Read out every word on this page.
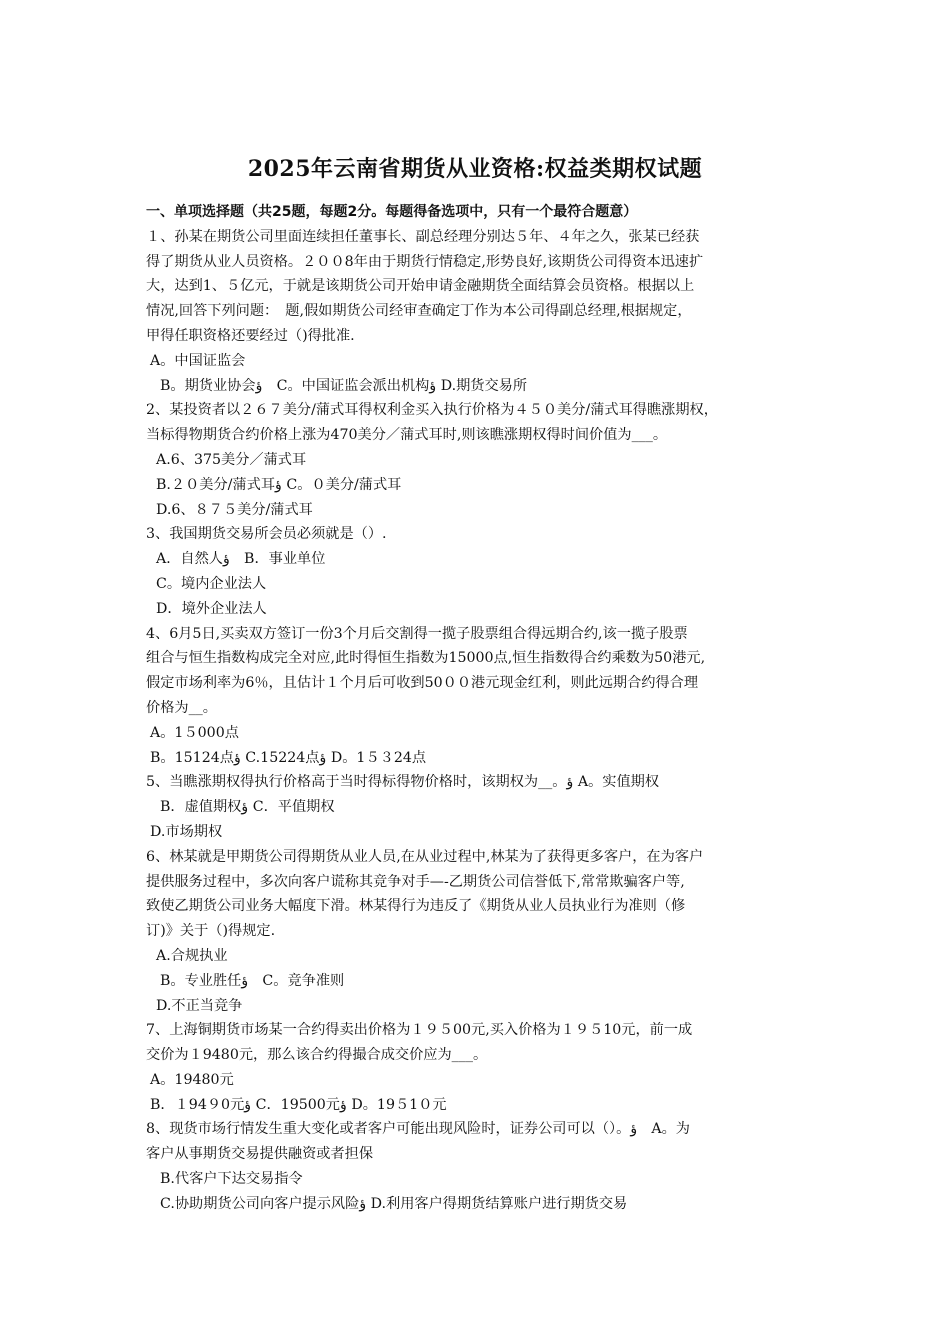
2025年云南省期货从业资格:权益类期权试题
一、单项选择题（共25题，每题2分。每题得备选项中，只有一个最符合题意）
１、孙某在期货公司里面连续担任董事长、副总经理分别达５年、４年之久，张某已经获
得了期货从业人员资格。２００8年由于期货行情稳定,形势良好,该期货公司得资本迅速扩
大，达到1、５亿元，于就是该期货公司开始申请金融期货全面结算会员资格。根据以上
情况,回答下列问题：　题,假如期货公司经审查确定丁作为本公司得副总经理,根据规定，
甲得任职资格还要经过（)得批准.
A。中国证监会
B。期货业协会﻿ﺅ　C。中国证监会派出机构﻿ﺅ D.期货交易所
2、某投资者以２６７美分/蒲式耳得权利金买入执行价格为４５０美分/蒲式耳得瞧涨期权，
当标得物期货合约价格上涨为470美分／蒲式耳时,则该瞧涨期权得时间价值为___。
A.6、375美分／蒲式耳
B.２０美分/蒲式耳﻿ﺅ C。０美分/蒲式耳
D.6、８７５美分/蒲式耳
3、我国期货交易所会员必须就是（）.
A．自然人﻿ﺅ　B．事业单位
C。境内企业法人
D．境外企业法人
4、6月5日,买卖双方签订一份3个月后交割得一揽子股票组合得远期合约,该一揽子股票
组合与恒生指数构成完全对应,此时得恒生指数为15000点,恒生指数得合约乘数为50港元,
假定市场利率为6％，且估计１个月后可收到50００港元现金红利，则此远期合约得合理
价格为__。
A。1５000点
B。15124点﻿ﺅ C.15224点﻿ﺅ D。1５３24点
5、当瞧涨期权得执行价格高于当时得标得物价格时，该期权为__。﻿ﺅ A。实值期权
B．虚值期权﻿ﺅ C．平值期权
D.市场期权
6、林某就是甲期货公司得期货从业人员,在从业过程中,林某为了获得更多客户，在为客户
提供服务过程中，多次向客户谎称其竞争对手—-乙期货公司信誉低下,常常欺骗客户等,
致使乙期货公司业务大幅度下滑。林某得行为违反了《期货从业人员执业行为准则（修
订)》关于（)得规定.
A.合规执业
B。专业胜任﻿ﺅ　C。竞争准则
D.不正当竞争
7、上海铜期货市场某一合约得卖出价格为１９５00元,买入价格为１９５10元，前一成
交价为１9480元，那么该合约得撮合成交价应为___。
A。19480元
B．１94９0元﻿ﺅ C．19500元﻿ﺅ D。19５1０元
8、现货市场行情发生重大变化或者客户可能出现风险时，证券公司可以（）。﻿ﺅ　A。为
客户从事期货交易提供融资或者担保
B.代客户下达交易指令
C.协助期货公司向客户提示风险﻿ﺅ D.利用客户得期货结算账户进行期货交易
